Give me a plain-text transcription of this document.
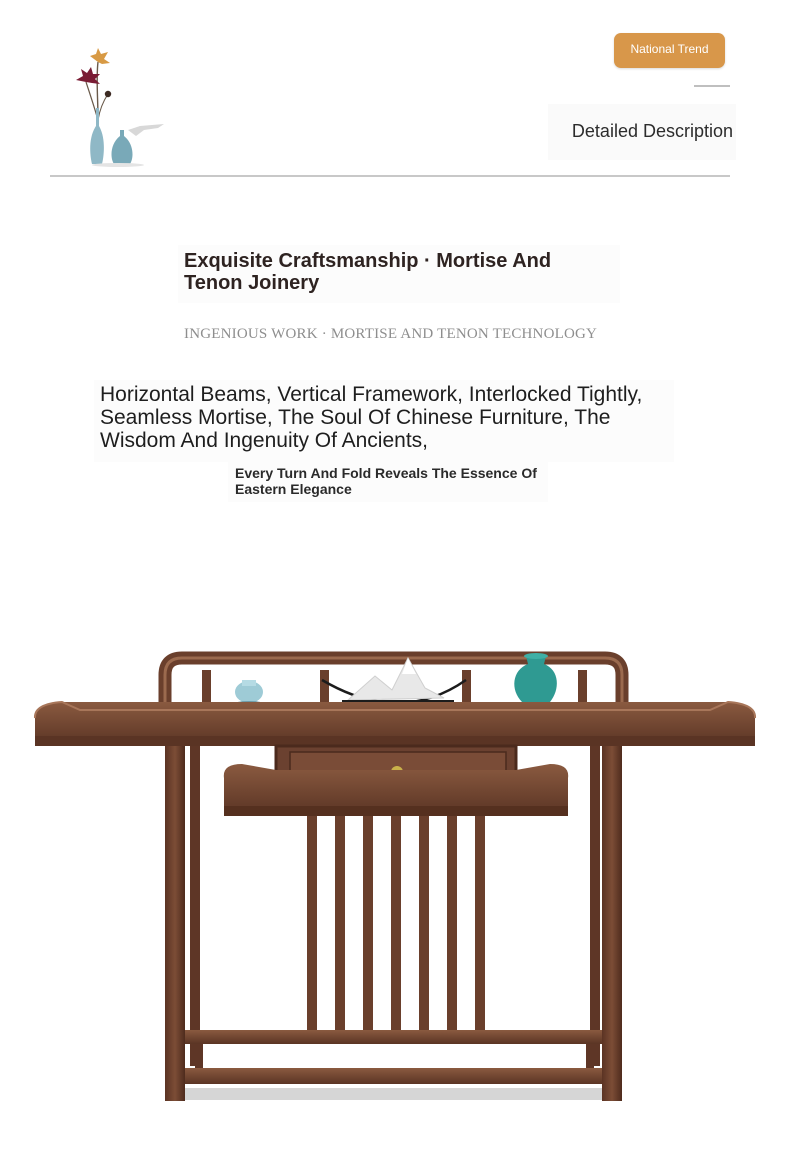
National Trend
Detailed Description
Exquisite Craftsmanship · Mortise And Tenon Joinery
INGENIOUS WORK · MORTISE AND TENON TECHNOLOGY
Horizontal Beams, Vertical Framework, Interlocked Tightly, Seamless Mortise, The Soul Of Chinese Furniture, The Wisdom And Ingenuity Of Ancients,
Every Turn And Fold Reveals The Essence Of Eastern Elegance
